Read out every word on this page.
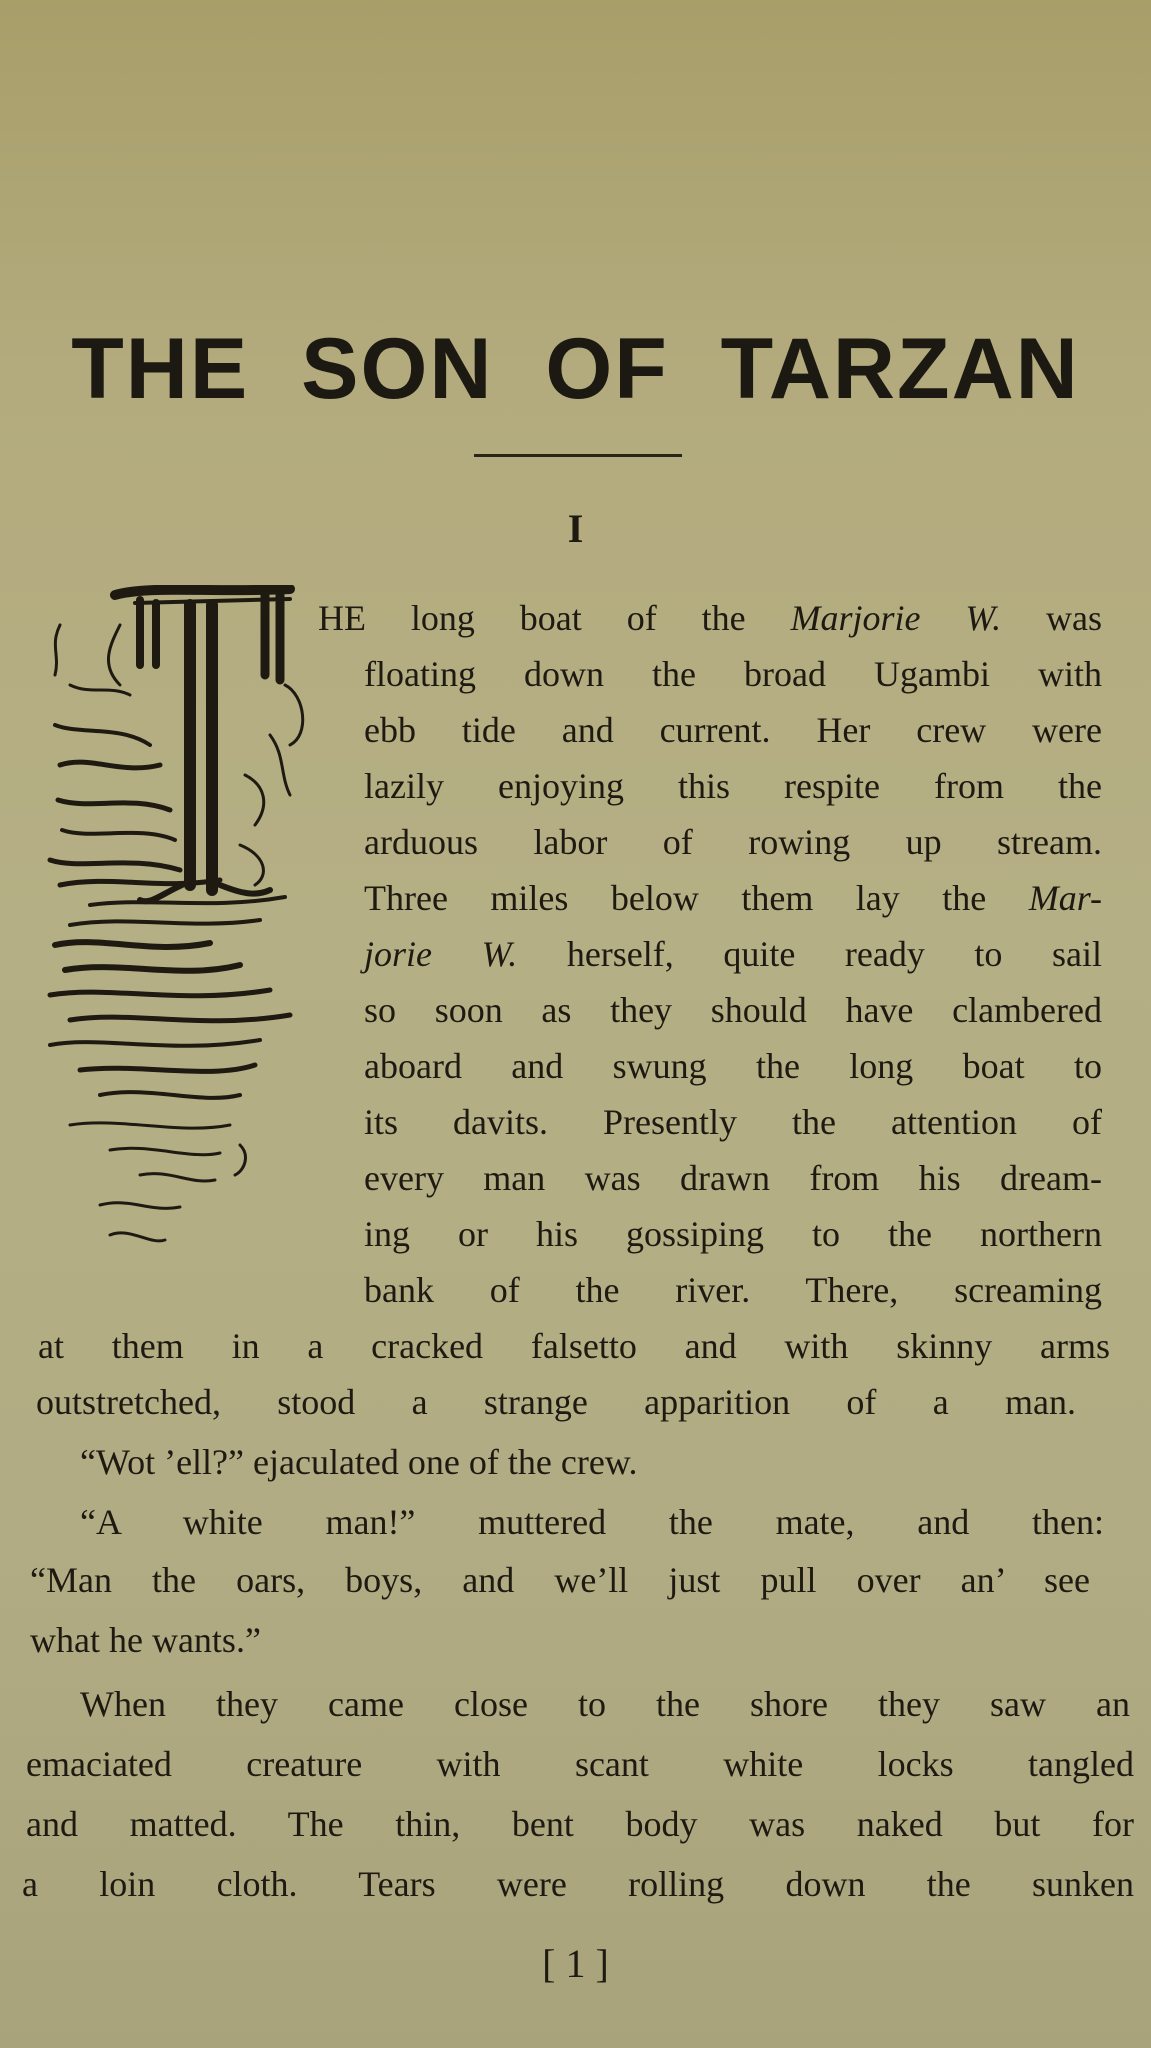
THE SON OF TARZAN
I

HE long boat of the Marjorie W. was

floating down the broad Ugambi with

ebb tide and current. Her crew were

lazily enjoying this respite from the

arduous labor of rowing up stream.

Three miles below them lay the Mar-

jorie W. herself, quite ready to sail

so soon as they should have clambered

aboard and swung the long boat to

its davits. Presently the attention of

every man was drawn from his dream-

ing or his gossiping to the northern

bank of the river. There, screaming

at them in a cracked falsetto and with skinny arms

outstretched, stood a strange apparition of a man.

“Wot ’ell?” ejaculated one of the crew.

“A white man!” muttered the mate, and then:

“Man the oars, boys, and we’ll just pull over an’ see

what he wants.”

When they came close to the shore they saw an

emaciated creature with scant white locks tangled

and matted. The thin, bent body was naked but for

a loin cloth. Tears were rolling down the sunken

[ 1 ]
